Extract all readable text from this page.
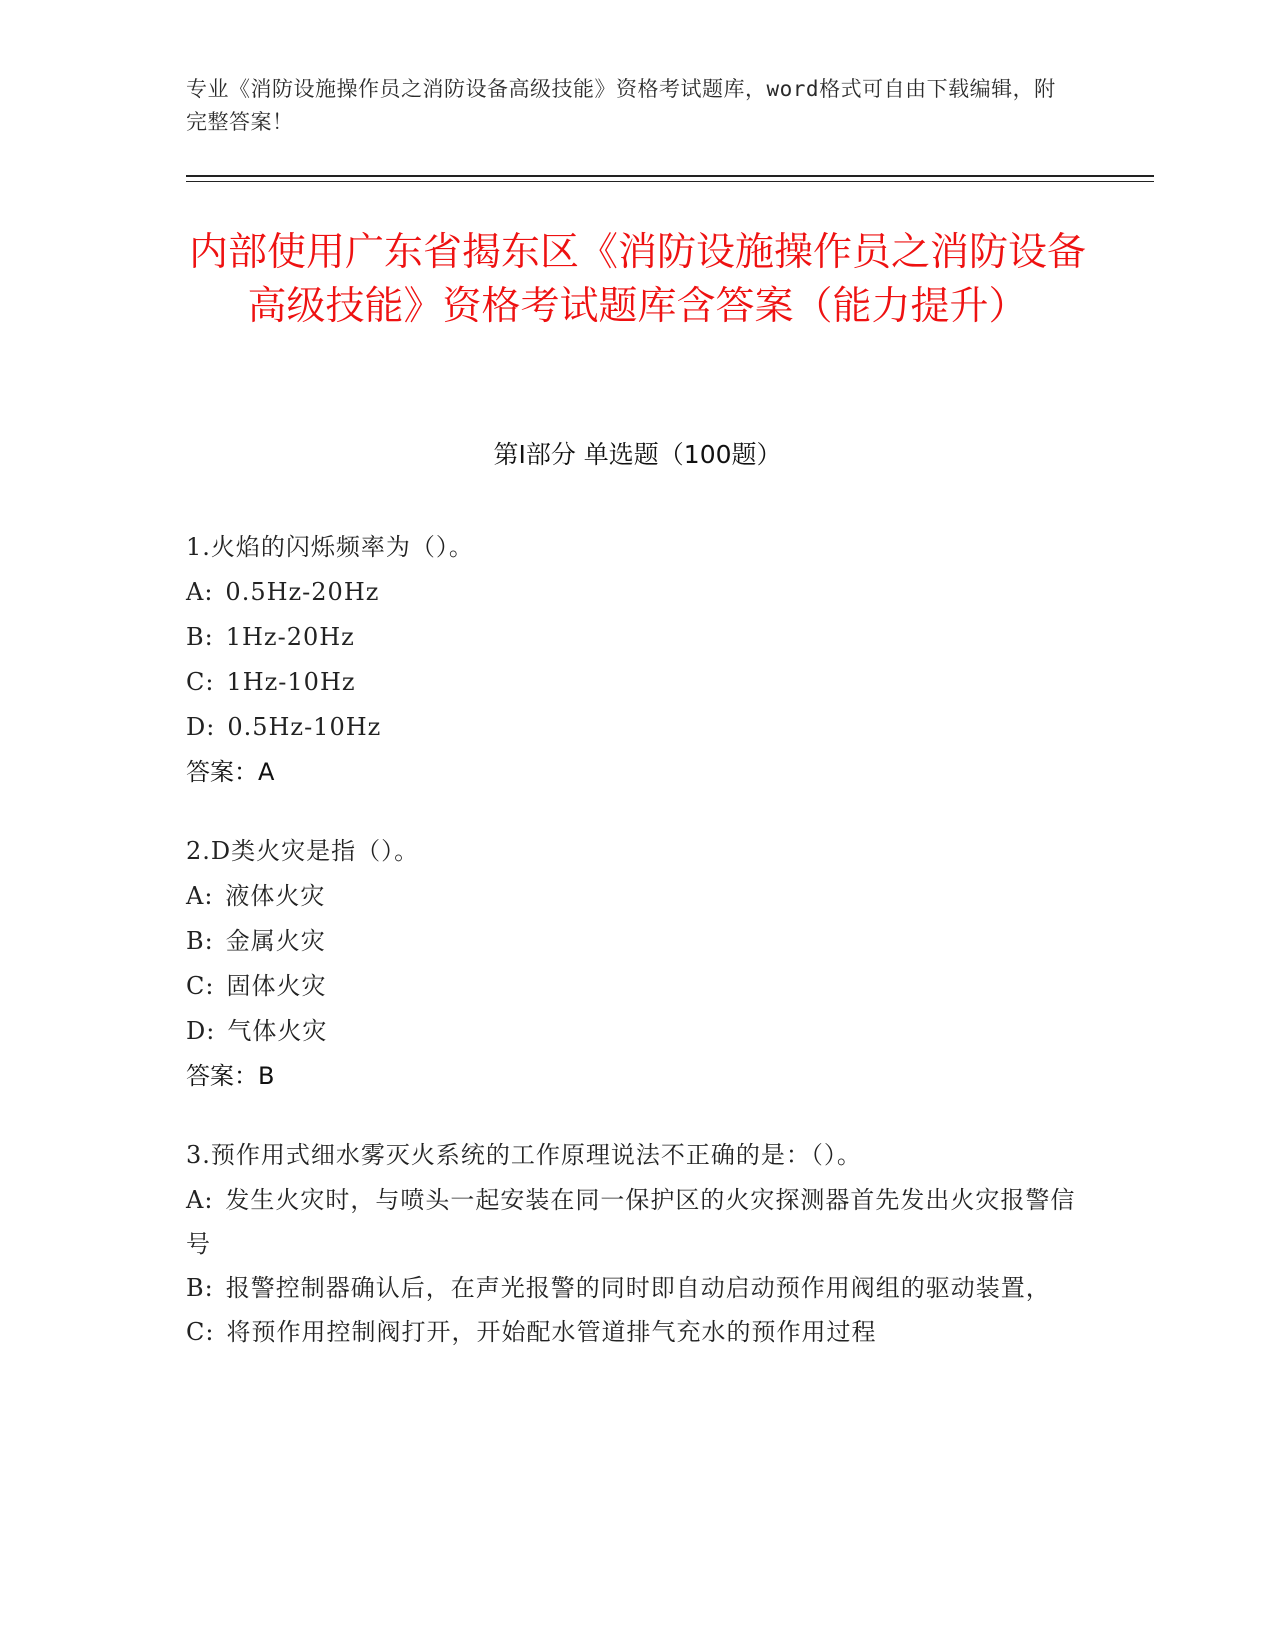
专业《消防设施操作员之消防设备高级技能》资格考试题库，word格式可自由下载编辑，附完整答案！
内部使用广东省揭东区《消防设施操作员之消防设备高级技能》资格考试题库含答案（能力提升）
第Ⅰ部分 单选题（100题）
1.火焰的闪烁频率为（）。
A: 0.5Hz-20Hz
B: 1Hz-20Hz
C: 1Hz-10Hz
D: 0.5Hz-10Hz
答案：A
2.D类火灾是指（）。
A: 液体火灾
B: 金属火灾
C: 固体火灾
D: 气体火灾
答案：B
3.预作用式细水雾灭火系统的工作原理说法不正确的是：（）。
A: 发生火灾时，与喷头一起安装在同一保护区的火灾探测器首先发出火灾报警信号
B: 报警控制器确认后，在声光报警的同时即自动启动预作用阀组的驱动装置，
C: 将预作用控制阀打开，开始配水管道排气充水的预作用过程
